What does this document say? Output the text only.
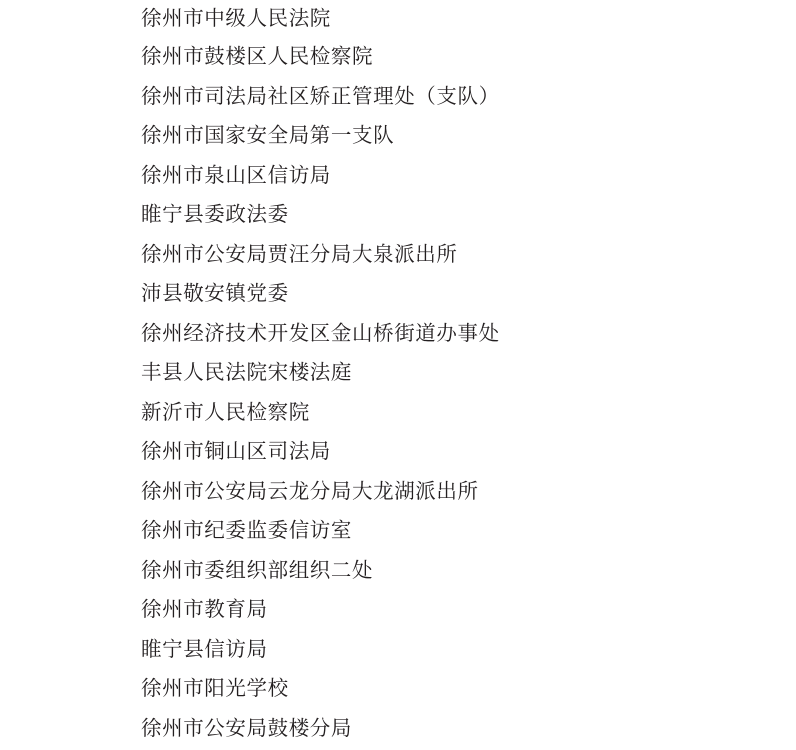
徐州市中级人民法院
徐州市鼓楼区人民检察院
徐州市司法局社区矫正管理处（支队）
徐州市国家安全局第一支队
徐州市泉山区信访局
睢宁县委政法委
徐州市公安局贾汪分局大泉派出所
沛县敬安镇党委
徐州经济技术开发区金山桥街道办事处
丰县人民法院宋楼法庭
新沂市人民检察院
徐州市铜山区司法局
徐州市公安局云龙分局大龙湖派出所
徐州市纪委监委信访室
徐州市委组织部组织二处
徐州市教育局
睢宁县信访局
徐州市阳光学校
徐州市公安局鼓楼分局
